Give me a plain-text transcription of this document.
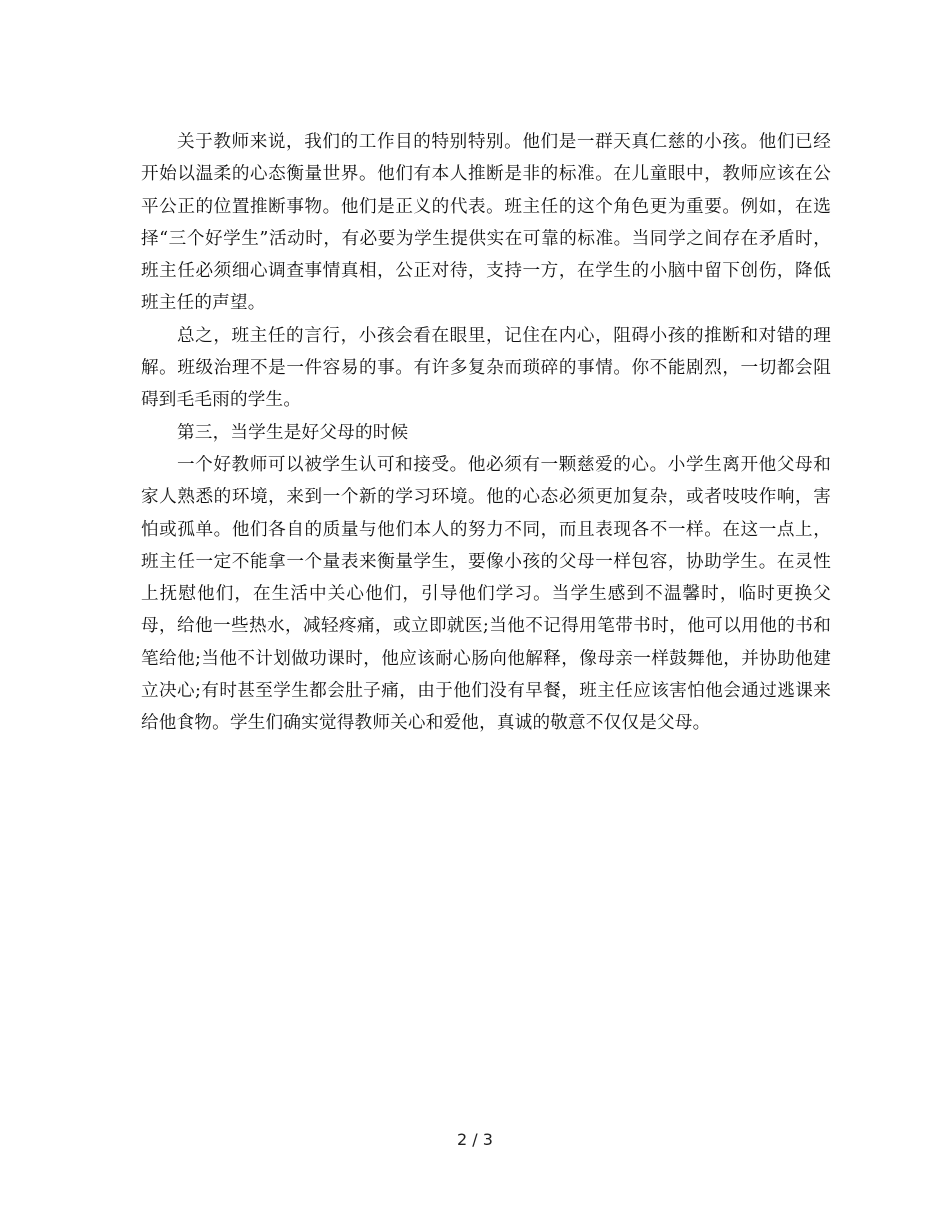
关于教师来说，我们的工作目的特别特别。他们是一群天真仁慈的小孩。他们已经开始以温柔的心态衡量世界。他们有本人推断是非的标准。在儿童眼中，教师应该在公平公正的位置推断事物。他们是正义的代表。班主任的这个角色更为重要。例如，在选择“三个好学生”活动时，有必要为学生提供实在可靠的标准。当同学之间存在矛盾时，班主任必须细心调查事情真相，公正对待，支持一方，在学生的小脑中留下创伤，降低班主任的声望。

总之，班主任的言行，小孩会看在眼里，记住在内心，阻碍小孩的推断和对错的理解。班级治理不是一件容易的事。有许多复杂而琐碎的事情。你不能剧烈，一切都会阻碍到毛毛雨的学生。

第三，当学生是好父母的时候

一个好教师可以被学生认可和接受。他必须有一颗慈爱的心。小学生离开他父母和家人熟悉的环境，来到一个新的学习环境。他的心态必须更加复杂，或者吱吱作响，害怕或孤单。他们各自的质量与他们本人的努力不同，而且表现各不一样。在这一点上，班主任一定不能拿一个量表来衡量学生，要像小孩的父母一样包容，协助学生。在灵性上抚慰他们，在生活中关心他们，引导他们学习。当学生感到不温馨时，临时更换父母，给他一些热水，减轻疼痛，或立即就医;当他不记得用笔带书时，他可以用他的书和笔给他;当他不计划做功课时，他应该耐心肠向他解释，像母亲一样鼓舞他，并协助他建立决心;有时甚至学生都会肚子痛，由于他们没有早餐，班主任应该害怕他会通过逃课来给他食物。学生们确实觉得教师关心和爱他，真诚的敬意不仅仅是父母。

2 / 3
